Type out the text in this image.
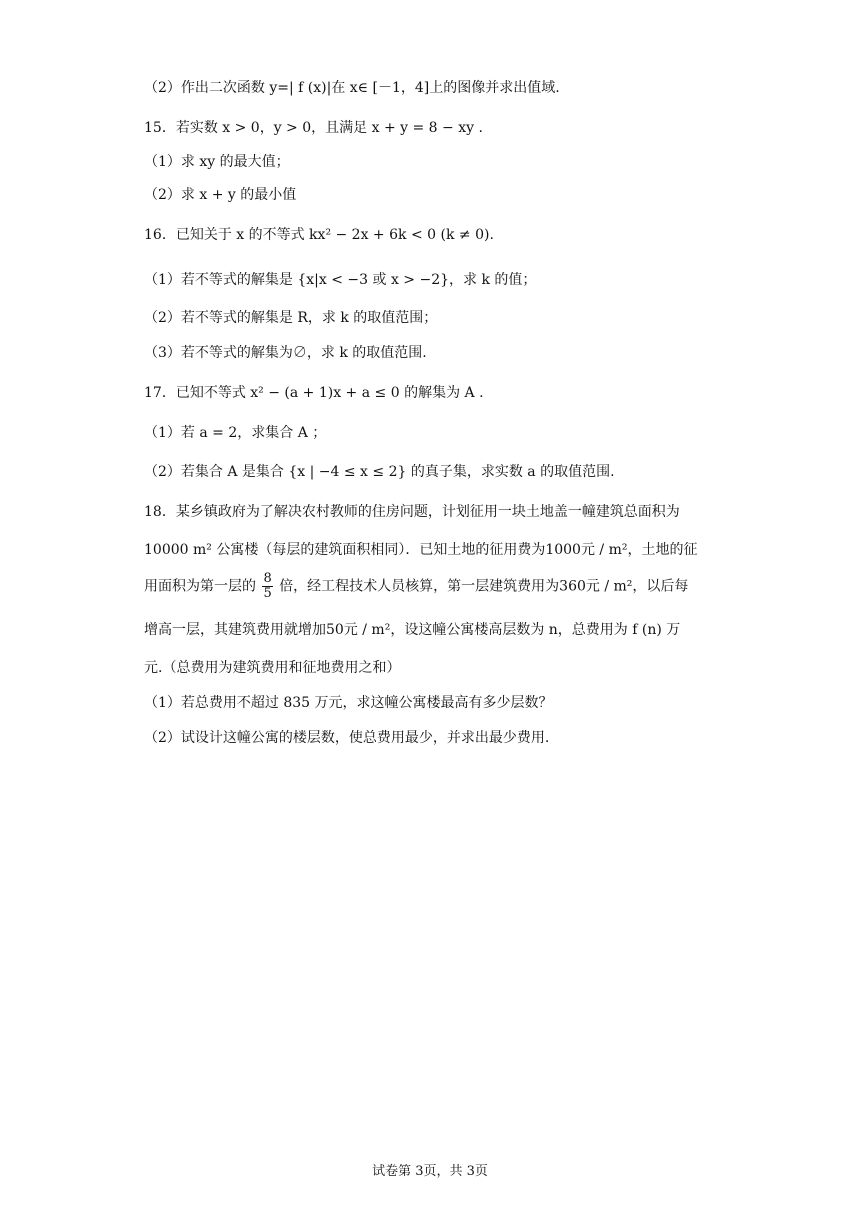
（2）作出二次函数 y=| f (x)|在 x∈ [－1，4]上的图像并求出值域.
15．若实数 x > 0，y > 0，且满足 x + y = 8 − xy .
（1）求 xy 的最大值；
（2）求 x + y 的最小值
16．已知关于 x 的不等式 kx² − 2x + 6k < 0 (k ≠ 0).
（1）若不等式的解集是 {x|x < −3 或 x > −2}，求 k 的值；
（2）若不等式的解集是 R，求 k 的取值范围；
（3）若不等式的解集为∅，求 k 的取值范围.
17．已知不等式 x² − (a + 1)x + a ≤ 0 的解集为 A .
（1）若 a = 2，求集合 A ；
（2）若集合 A 是集合 {x | −4 ≤ x ≤ 2} 的真子集，求实数 a 的取值范围.
18．某乡镇政府为了解决农村教师的住房问题，计划征用一块土地盖一幢建筑总面积为
10000 m² 公寓楼（每层的建筑面积相同）．已知土地的征用费为1000元 / m²，土地的征
用面积为第一层的 $\frac{8}{5}$ 倍，经工程技术人员核算，第一层建筑费用为360元 / m²，以后每
增高一层，其建筑费用就增加50元 / m²，设这幢公寓楼高层数为 n，总费用为 f (n) 万
元.（总费用为建筑费用和征地费用之和）
（1）若总费用不超过 835 万元，求这幢公寓楼最高有多少层数？
（2）试设计这幢公寓的楼层数，使总费用最少，并求出最少费用.
试卷第 3页，共 3页
